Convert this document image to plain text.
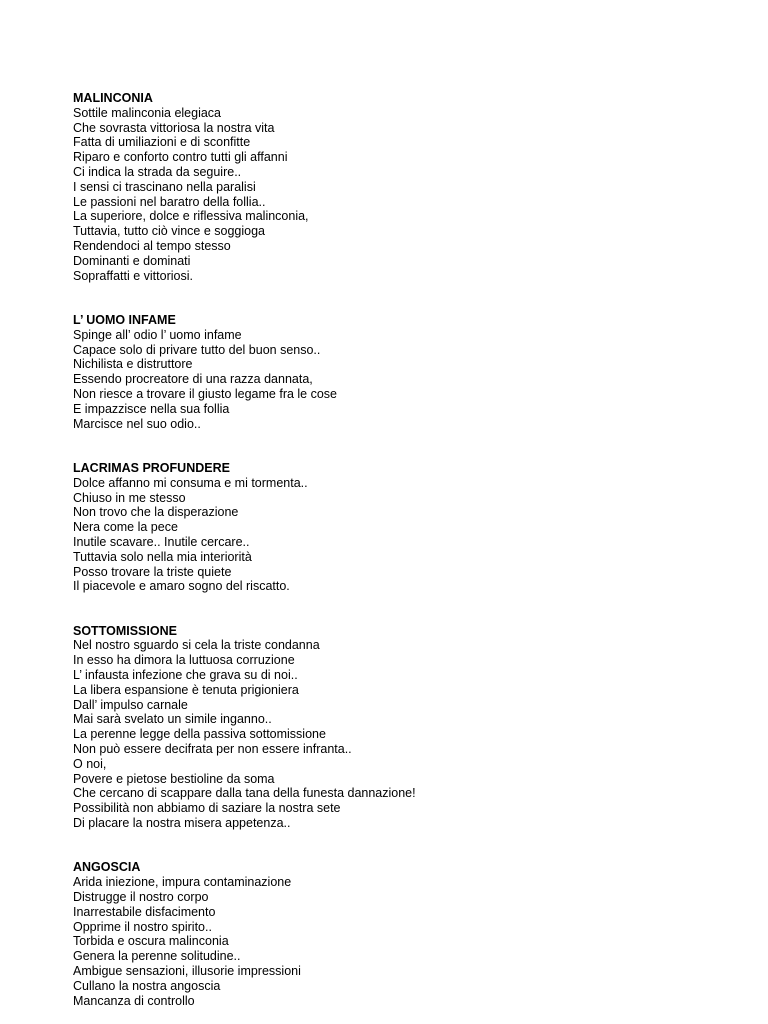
MALINCONIA
Sottile malinconia elegiaca
Che sovrasta vittoriosa la nostra vita
Fatta di umiliazioni e di sconfitte
Riparo e conforto contro tutti gli affanni
Ci indica la strada da seguire..
I sensi ci trascinano nella paralisi
Le passioni nel baratro della follia..
La superiore, dolce e riflessiva malinconia,
Tuttavia, tutto ciò vince e soggioga
Rendendoci al tempo stesso
Dominanti e dominati
Sopraffatti e vittoriosi.
L’ UOMO INFAME
Spinge all’ odio l’ uomo infame
Capace solo di privare tutto del buon senso..
Nichilista e distruttore
Essendo procreatore di una razza dannata,
Non riesce a trovare il giusto legame fra le cose
E impazzisce nella sua follia
Marcisce nel suo odio..
LACRIMAS PROFUNDERE
Dolce affanno mi consuma e mi tormenta..
Chiuso in me stesso
Non trovo che la disperazione
Nera come la pece
Inutile scavare.. Inutile cercare..
Tuttavia solo nella mia interiorità
Posso trovare la triste quiete
Il piacevole e amaro sogno del riscatto.
SOTTOMISSIONE
Nel nostro sguardo si cela la triste condanna
In esso ha dimora la luttuosa corruzione
L’ infausta infezione che grava su di noi..
La libera espansione è tenuta prigioniera
Dall’ impulso carnale
Mai sarà svelato un simile inganno..
La perenne legge della passiva sottomissione
Non può essere decifrata per non essere infranta..
O noi,
Povere e pietose bestioline da soma
Che cercano di scappare dalla tana della funesta dannazione!
Possibilità non abbiamo di saziare la nostra sete
Di placare la nostra misera appetenza..
ANGOSCIA
Arida iniezione, impura contaminazione
Distrugge il nostro corpo
Inarrestabile disfacimento
Opprime il nostro spirito..
Torbida e oscura malinconia
Genera la perenne solitudine..
Ambigue sensazioni, illusorie impressioni
Cullano la nostra angoscia
Mancanza di controllo
